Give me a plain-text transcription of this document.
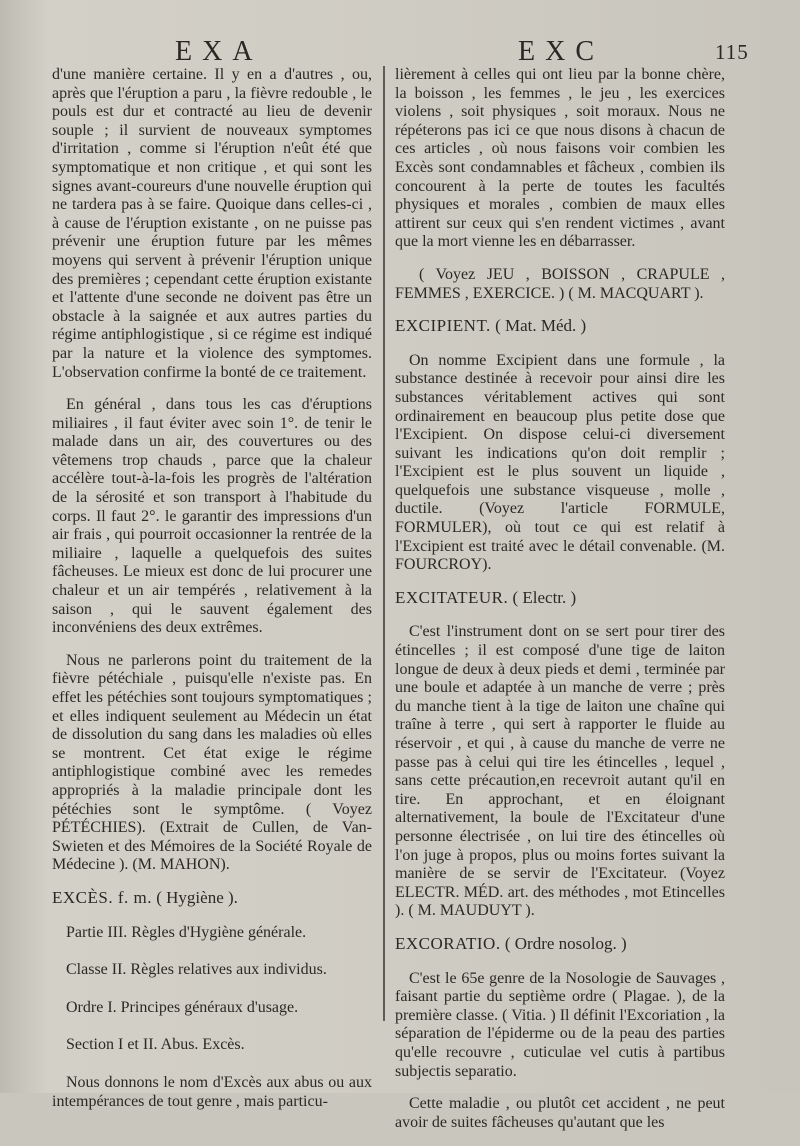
EXA	EXC	115

d'une manière certaine. Il y en a d'autres , ou, après que l'éruption a paru , la fièvre redouble , le pouls est dur et contracté au lieu de devenir souple ; il survient de nouveaux symptomes d'irritation , comme si l'éruption n'eût été que symptomatique et non critique , et qui sont les signes avant-coureurs d'une nouvelle éruption qui ne tardera pas à se faire. Quoique dans celles-ci , à cause de l'éruption existante , on ne puisse pas prévenir une éruption future par les mêmes moyens qui servent à prévenir l'éruption unique des premières ; cependant cette éruption existante et l'attente d'une seconde ne doivent pas être un obstacle à la saignée et aux autres parties du régime antiphlogistique , si ce régime est indiqué par la nature et la violence des symptomes. L'observation confirme la bonté de ce traitement.

En général , dans tous les cas d'éruptions miliaires , il faut éviter avec soin 1°. de tenir le malade dans un air, des couvertures ou des vêtemens trop chauds , parce que la chaleur accélère tout-à-la-fois les progrès de l'altération de la sérosité et son transport à l'habitude du corps. Il faut 2°. le garantir des impressions d'un air frais , qui pourroit occasionner la rentrée de la miliaire , laquelle a quelquefois des suites fâcheuses. Le mieux est donc de lui procurer une chaleur et un air tempérés , relativement à la saison , qui le sauvent également des inconvéniens des deux extrêmes.

Nous ne parlerons point du traitement de la fièvre pétéchiale , puisqu'elle n'existe pas. En effet les pétéchies sont toujours symptomatiques ; et elles indiquent seulement au Médecin un état de dissolution du sang dans les maladies où elles se montrent. Cet état exige le régime antiphlogistique combiné avec les remedes appropriés à la maladie principale dont les pétéchies sont le symptôme. ( Voyez PÉTÉCHIES). (Extrait de Cullen, de Van-Swieten et des Mémoires de la Société Royale de Médecine ). (M. MAHON).

EXCÈS. f. m. ( Hygiène ).
Partie III. Règles d'Hygiène générale.
Classe II. Règles relatives aux individus.
Ordre I. Principes généraux d'usage.
Section I et II. Abus. Excès.

Nous donnons le nom d'Excès aux abus ou aux intempérances de tout genre , mais particu-

lièrement à celles qui ont lieu par la bonne chère, la boisson , les femmes , le jeu , les exercices violens , soit physiques , soit moraux. Nous ne répéterons pas ici ce que nous disons à chacun de ces articles , où nous faisons voir combien les Excès sont condamnables et fâcheux , combien ils concourent à la perte de toutes les facultés physiques et morales , combien de maux elles attirent sur ceux qui s'en rendent victimes , avant que la mort vienne les en débarrasser.

( Voyez JEU , BOISSON , CRAPULE , FEMMES , EXERCICE. ) ( M. MACQUART ).

EXCIPIENT. ( Mat. Méd. )

On nomme Excipient dans une formule , la substance destinée à recevoir pour ainsi dire les substances véritablement actives qui sont ordinairement en beaucoup plus petite dose que l'Excipient. On dispose celui-ci diversement suivant les indications qu'on doit remplir ; l'Excipient est le plus souvent un liquide , quelquefois une substance visqueuse , molle , ductile. (Voyez l'article FORMULE, FORMULER), où tout ce qui est relatif à l'Excipient est traité avec le détail convenable. (M. FOURCROY).

EXCITATEUR. ( Electr. )

C'est l'instrument dont on se sert pour tirer des étincelles ; il est composé d'une tige de laiton longue de deux à deux pieds et demi , terminée par une boule et adaptée à un manche de verre ; près du manche tient à la tige de laiton une chaîne qui traîne à terre , qui sert à rapporter le fluide au réservoir , et qui , à cause du manche de verre ne passe pas à celui qui tire les étincelles , lequel , sans cette précaution,en recevroit autant qu'il en tire. En approchant, et en éloignant alternativement, la boule de l'Excitateur d'une personne électrisée , on lui tire des étincelles où l'on juge à propos, plus ou moins fortes suivant la manière de se servir de l'Excitateur. (Voyez ELECTR. MÉD. art. des méthodes , mot Etincelles ). ( M. MAUDUYT ).

EXCORATIO. ( Ordre nosolog. )

C'est le 65e genre de la Nosologie de Sauvages , faisant partie du septième ordre ( Plagae. ), de la première classe. ( Vitia. ) Il définit l'Excoriation , la séparation de l'épiderme ou de la peau des parties qu'elle recouvre , cuticulae vel cutis à partibus subjectis separatio.

Cette maladie , ou plutôt cet accident , ne peut avoir de suites fâcheuses qu'autant que les
